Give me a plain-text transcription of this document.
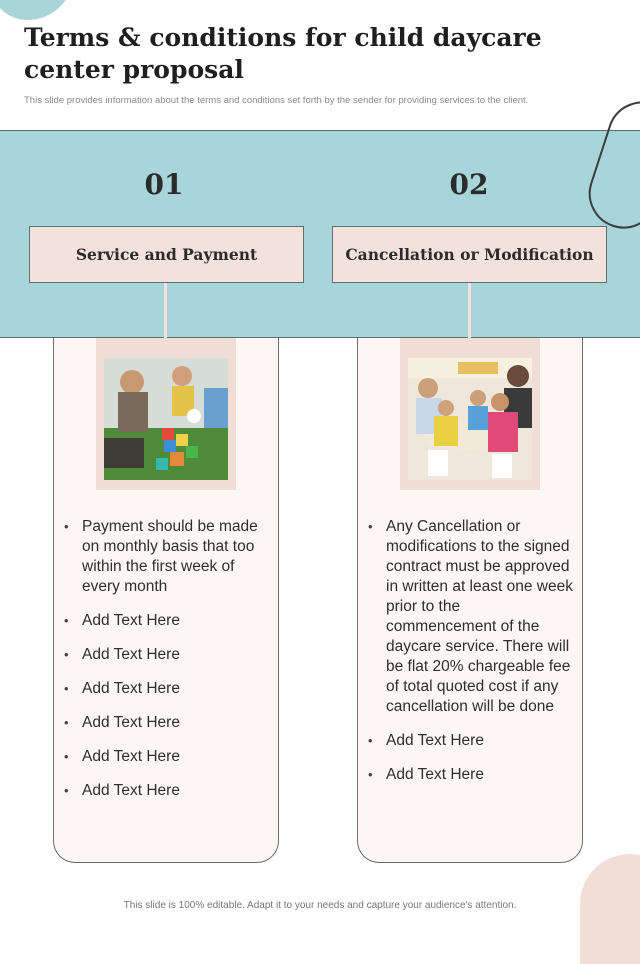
Terms & conditions for child daycare center proposal
This slide provides information about the terms and conditions set forth by the sender for providing services to the client.
01
Service and Payment
• Payment should be made on monthly basis that too within the first week of every month
• Add Text Here
• Add Text Here
• Add Text Here
• Add Text Here
• Add Text Here
• Add Text Here
02
Cancellation or Modification
• Any Cancellation or modifications to the signed contract must be approved in written at least one week prior to the commencement of the daycare service. There will be flat 20% chargeable fee of total quoted cost if any cancellation will be done
• Add Text Here
• Add Text Here
This slide is 100% editable. Adapt it to your needs and capture your audience's attention.
